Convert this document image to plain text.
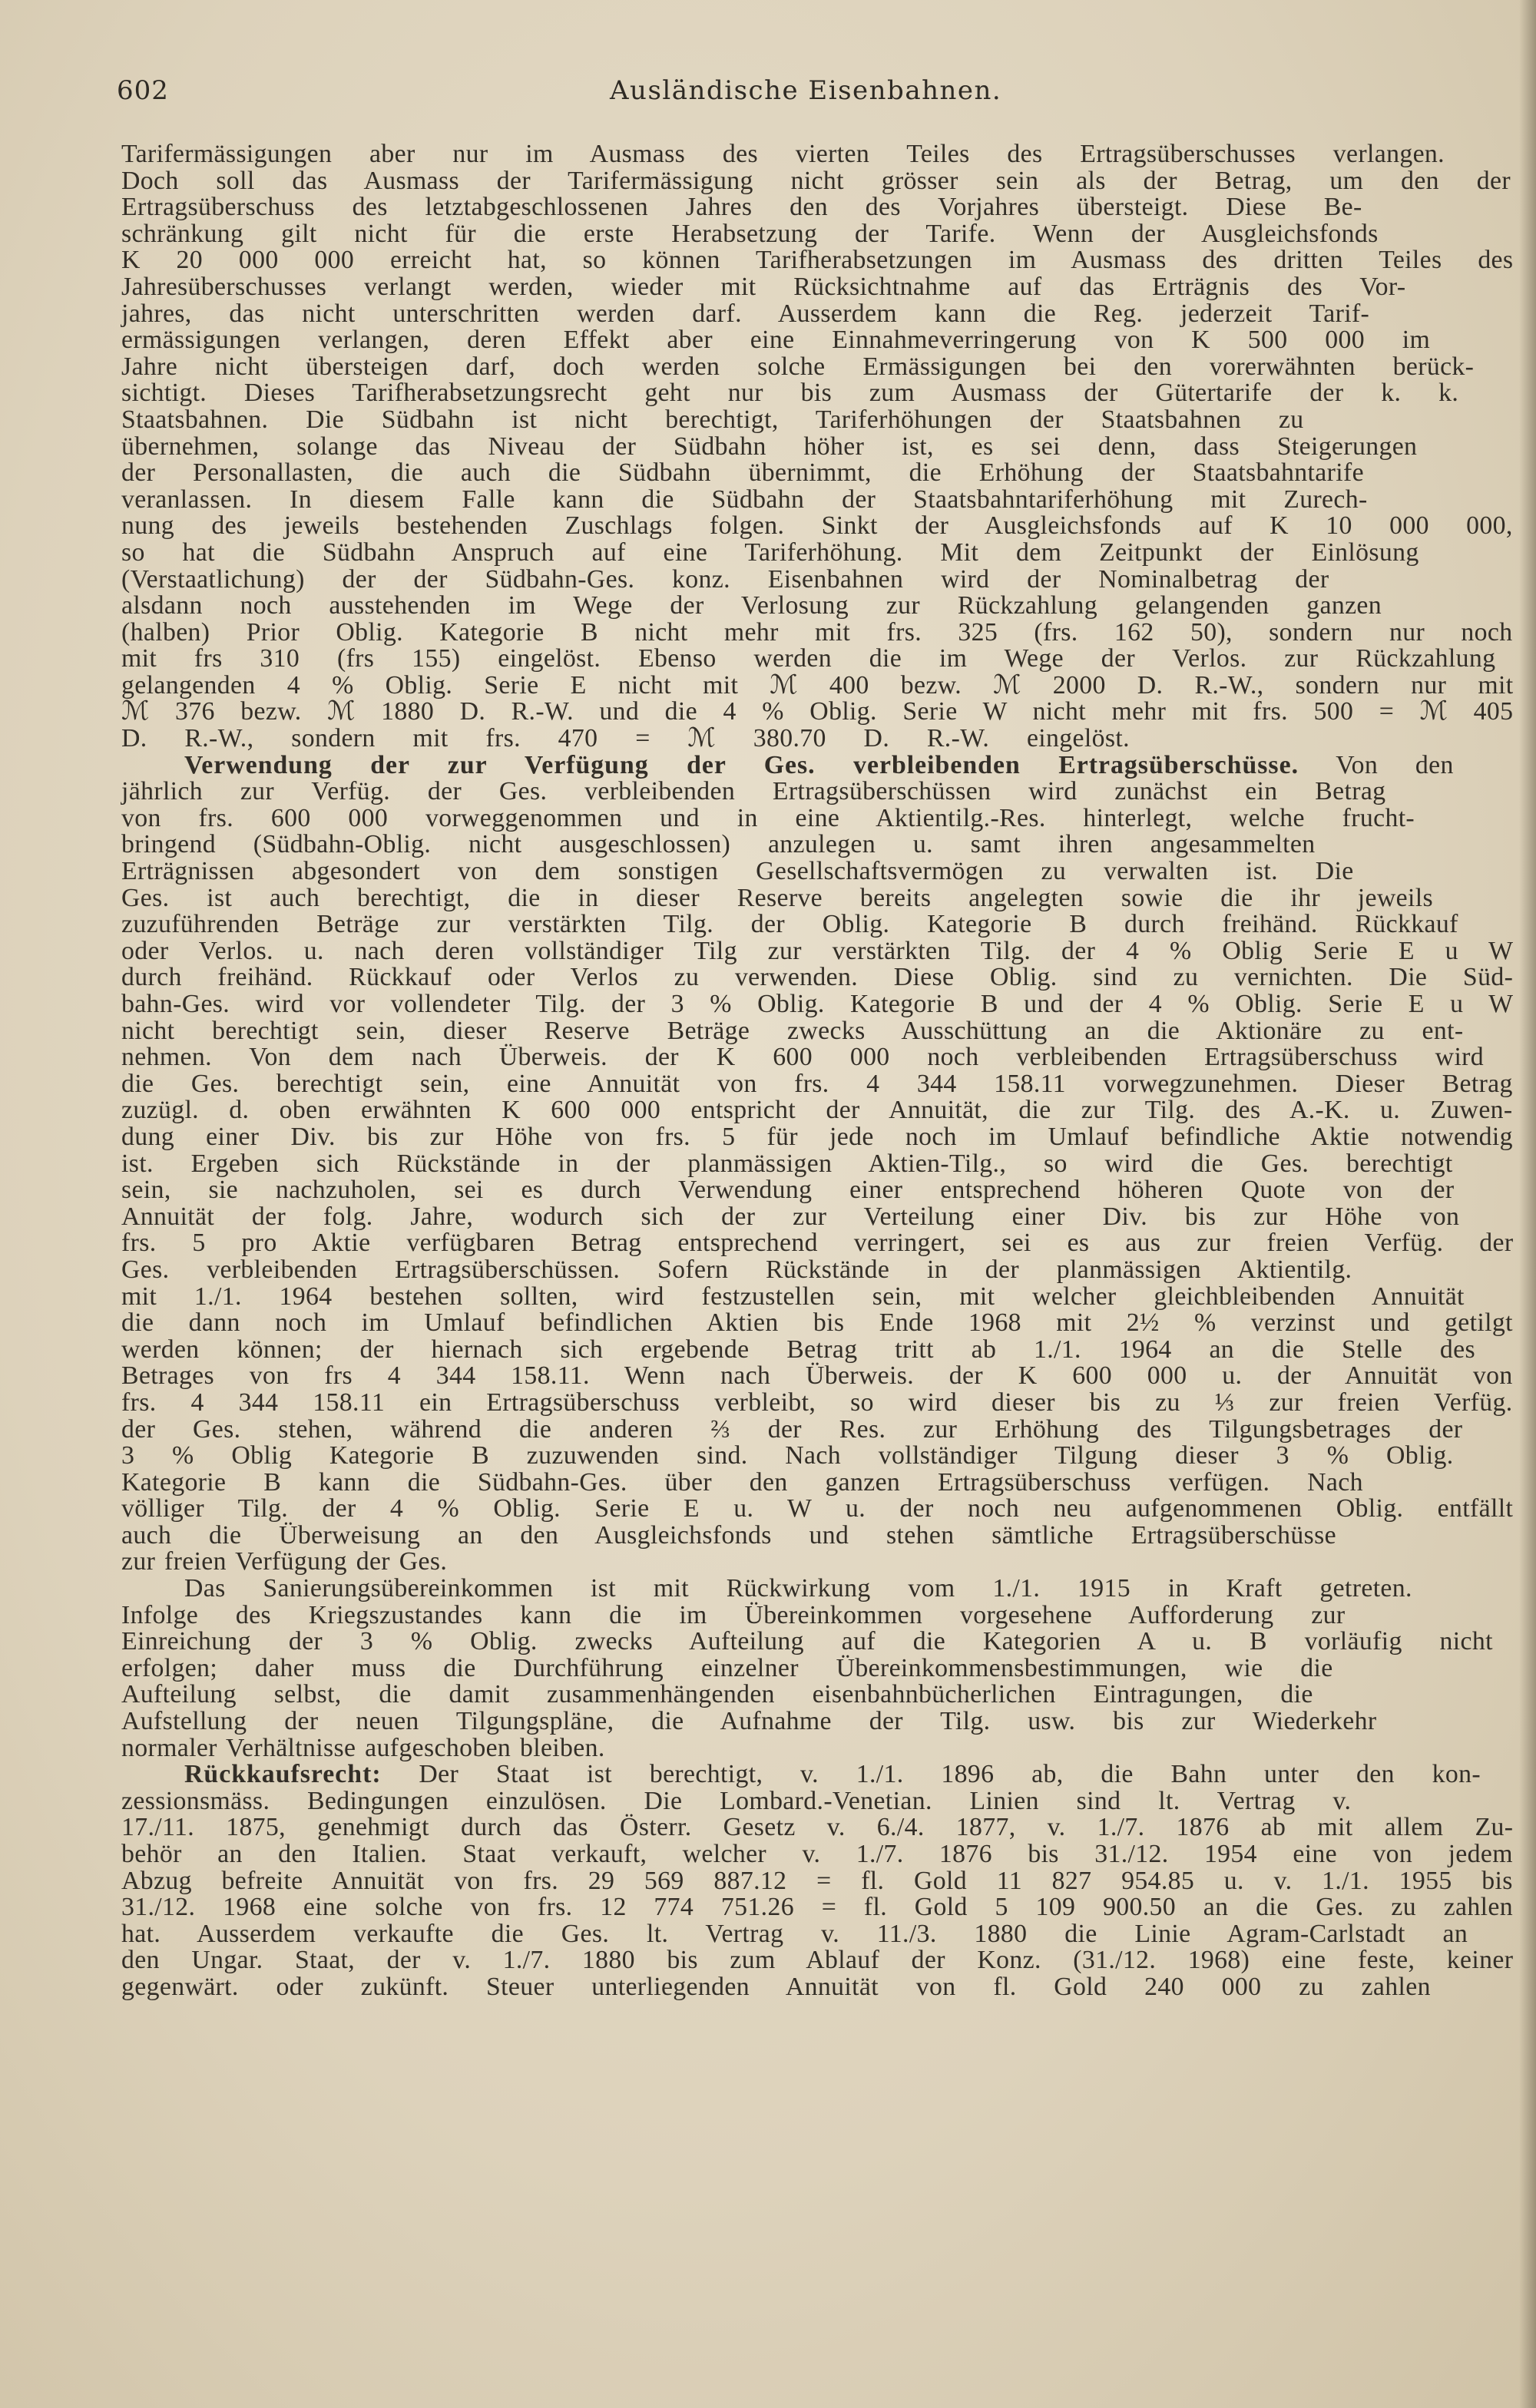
602	Ausländische Eisenbahnen.

Tarifermässigungen aber nur im Ausmass des vierten Teiles des Ertragsüberschusses verlangen.

Doch soll das Ausmass der Tarifermässigung nicht grösser sein als der Betrag, um den der

Ertragsüberschuss des letztabgeschlossenen Jahres den des Vorjahres übersteigt. Diese Be-

schränkung gilt nicht für die erste Herabsetzung der Tarife. Wenn der Ausgleichsfonds

K 20 000 000 erreicht hat, so können Tarifherabsetzungen im Ausmass des dritten Teiles des

Jahresüberschusses verlangt werden, wieder mit Rücksichtnahme auf das Erträgnis des Vor-

jahres, das nicht unterschritten werden darf. Ausserdem kann die Reg. jederzeit Tarif-

ermässigungen verlangen, deren Effekt aber eine Einnahmeverringerung von K 500 000 im

Jahre nicht übersteigen darf, doch werden solche Ermässigungen bei den vorerwähnten berück-

sichtigt. Dieses Tarifherabsetzungsrecht geht nur bis zum Ausmass der Gütertarife der k. k.

Staatsbahnen. Die Südbahn ist nicht berechtigt, Tariferhöhungen der Staatsbahnen zu

übernehmen, solange das Niveau der Südbahn höher ist, es sei denn, dass Steigerungen

der Personallasten, die auch die Südbahn übernimmt, die Erhöhung der Staatsbahntarife

veranlassen. In diesem Falle kann die Südbahn der Staatsbahntariferhöhung mit Zurech-

nung des jeweils bestehenden Zuschlags folgen. Sinkt der Ausgleichsfonds auf K 10 000 000,

so hat die Südbahn Anspruch auf eine Tariferhöhung. Mit dem Zeitpunkt der Einlösung

(Verstaatlichung) der der Südbahn-Ges. konz. Eisenbahnen wird der Nominalbetrag der

alsdann noch ausstehenden im Wege der Verlosung zur Rückzahlung gelangenden ganzen

(halben) Prior Oblig. Kategorie B nicht mehr mit frs. 325 (frs. 162 50), sondern nur noch

mit frs 310 (frs 155) eingelöst. Ebenso werden die im Wege der Verlos. zur Rückzahlung

gelangenden 4 % Oblig. Serie E nicht mit ℳ 400 bezw. ℳ 2000 D. R.-W., sondern nur mit

ℳ 376 bezw. ℳ 1880 D. R.-W. und die 4 % Oblig. Serie W nicht mehr mit frs. 500 = ℳ 405

D. R.-W., sondern mit frs. 470 = ℳ 380.70 D. R.-W. eingelöst.

Verwendung der zur Verfügung der Ges. verbleibenden Ertragsüberschüsse. Von den

jährlich zur Verfüg. der Ges. verbleibenden Ertragsüberschüssen wird zunächst ein Betrag

von frs. 600 000 vorweggenommen und in eine Aktientilg.-Res. hinterlegt, welche frucht-

bringend (Südbahn-Oblig. nicht ausgeschlossen) anzulegen u. samt ihren angesammelten

Erträgnissen abgesondert von dem sonstigen Gesellschaftsvermögen zu verwalten ist. Die

Ges. ist auch berechtigt, die in dieser Reserve bereits angelegten sowie die ihr jeweils

zuzuführenden Beträge zur verstärkten Tilg. der Oblig. Kategorie B durch freihänd. Rückkauf

oder Verlos. u. nach deren vollständiger Tilg zur verstärkten Tilg. der 4 % Oblig Serie E u W

durch freihänd. Rückkauf oder Verlos zu verwenden. Diese Oblig. sind zu vernichten. Die Süd-

bahn-Ges. wird vor vollendeter Tilg. der 3 % Oblig. Kategorie B und der 4 % Oblig. Serie E u W

nicht berechtigt sein, dieser Reserve Beträge zwecks Ausschüttung an die Aktionäre zu ent-

nehmen. Von dem nach Überweis. der K 600 000 noch verbleibenden Ertragsüberschuss wird

die Ges. berechtigt sein, eine Annuität von frs. 4 344 158.11 vorwegzunehmen. Dieser Betrag

zuzügl. d. oben erwähnten K 600 000 entspricht der Annuität, die zur Tilg. des A.-K. u. Zuwen-

dung einer Div. bis zur Höhe von frs. 5 für jede noch im Umlauf befindliche Aktie notwendig

ist. Ergeben sich Rückstände in der planmässigen Aktien-Tilg., so wird die Ges. berechtigt

sein, sie nachzuholen, sei es durch Verwendung einer entsprechend höheren Quote von der

Annuität der folg. Jahre, wodurch sich der zur Verteilung einer Div. bis zur Höhe von

frs. 5 pro Aktie verfügbaren Betrag entsprechend verringert, sei es aus zur freien Verfüg. der

Ges. verbleibenden Ertragsüberschüssen. Sofern Rückstände in der planmässigen Aktientilg.

mit 1./1. 1964 bestehen sollten, wird festzustellen sein, mit welcher gleichbleibenden Annuität

die dann noch im Umlauf befindlichen Aktien bis Ende 1968 mit 2½ % verzinst und getilgt

werden können; der hiernach sich ergebende Betrag tritt ab 1./1. 1964 an die Stelle des

Betrages von frs 4 344 158.11. Wenn nach Überweis. der K 600 000 u. der Annuität von

frs. 4 344 158.11 ein Ertragsüberschuss verbleibt, so wird dieser bis zu ⅓ zur freien Verfüg.

der Ges. stehen, während die anderen ⅔ der Res. zur Erhöhung des Tilgungsbetrages der

3 % Oblig Kategorie B zuzuwenden sind. Nach vollständiger Tilgung dieser 3 % Oblig.

Kategorie B kann die Südbahn-Ges. über den ganzen Ertragsüberschuss verfügen. Nach

völliger Tilg. der 4 % Oblig. Serie E u. W u. der noch neu aufgenommenen Oblig. entfällt

auch die Überweisung an den Ausgleichsfonds und stehen sämtliche Ertragsüberschüsse

zur freien Verfügung der Ges.

Das Sanierungsübereinkommen ist mit Rückwirkung vom 1./1. 1915 in Kraft getreten.

Infolge des Kriegszustandes kann die im Übereinkommen vorgesehene Aufforderung zur

Einreichung der 3 % Oblig. zwecks Aufteilung auf die Kategorien A u. B vorläufig nicht

erfolgen; daher muss die Durchführung einzelner Übereinkommensbestimmungen, wie die

Aufteilung selbst, die damit zusammenhängenden eisenbahnbücherlichen Eintragungen, die

Aufstellung der neuen Tilgungspläne, die Aufnahme der Tilg. usw. bis zur Wiederkehr

normaler Verhältnisse aufgeschoben bleiben.

Rückkaufsrecht: Der Staat ist berechtigt, v. 1./1. 1896 ab, die Bahn unter den kon-

zessionsmäss. Bedingungen einzulösen. Die Lombard.-Venetian. Linien sind lt. Vertrag v.

17./11. 1875, genehmigt durch das Österr. Gesetz v. 6./4. 1877, v. 1./7. 1876 ab mit allem Zu-

behör an den Italien. Staat verkauft, welcher v. 1./7. 1876 bis 31./12. 1954 eine von jedem

Abzug befreite Annuität von frs. 29 569 887.12 = fl. Gold 11 827 954.85 u. v. 1./1. 1955 bis

31./12. 1968 eine solche von frs. 12 774 751.26 = fl. Gold 5 109 900.50 an die Ges. zu zahlen

hat. Ausserdem verkaufte die Ges. lt. Vertrag v. 11./3. 1880 die Linie Agram-Carlstadt an

den Ungar. Staat, der v. 1./7. 1880 bis zum Ablauf der Konz. (31./12. 1968) eine feste, keiner

gegenwärt. oder zukünft. Steuer unterliegenden Annuität von fl. Gold 240 000 zu zahlen
